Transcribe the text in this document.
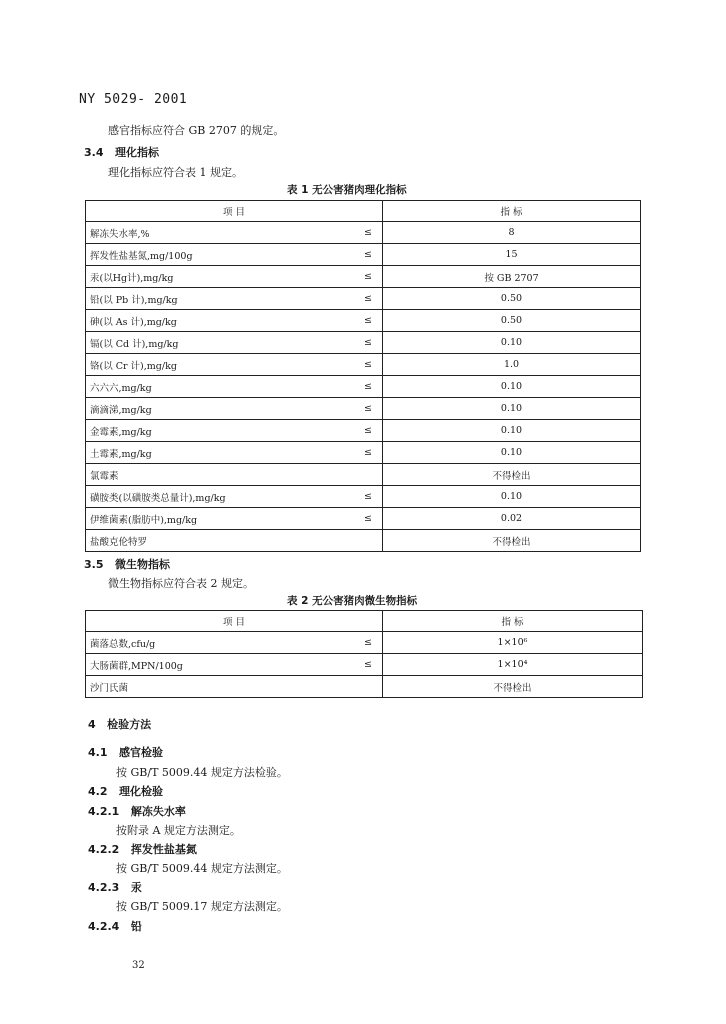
NY 5029- 2001
感官指标应符合 GB 2707 的规定。
3.4 理化指标
理化指标应符合表 1 规定。
表 1 无公害猪肉理化指标
项 目		指 标
解冻失水率,%	≤	8
挥发性盐基氮,mg/100g	≤	15
汞(以Hg计),mg/kg	≤	按 GB 2707
铅(以 Pb 计),mg/kg	≤	0.50
砷(以 As 计),mg/kg	≤	0.50
镉(以 Cd 计),mg/kg	≤	0.10
铬(以 Cr 计),mg/kg	≤	1.0
六六六,mg/kg	≤	0.10
滴滴涕,mg/kg	≤	0.10
金霉素,mg/kg	≤	0.10
土霉素,mg/kg	≤	0.10
氯霉素		不得检出
磺胺类(以磺胺类总量计),mg/kg	≤	0.10
伊维菌素(脂肪中),mg/kg	≤	0.02
盐酸克伦特罗		不得检出
3.5 微生物指标
微生物指标应符合表 2 规定。
表 2 无公害猪肉微生物指标
项 目		指 标
菌落总数,cfu/g	≤	1×10⁶
大肠菌群,MPN/100g	≤	1×10⁴
沙门氏菌		不得检出
4 检验方法
4.1 感官检验
按 GB/T 5009.44 规定方法检验。
4.2 理化检验
4.2.1 解冻失水率
按附录 A 规定方法测定。
4.2.2 挥发性盐基氮
按 GB/T 5009.44 规定方法测定。
4.2.3 汞
按 GB/T 5009.17 规定方法测定。
4.2.4 铅
32
